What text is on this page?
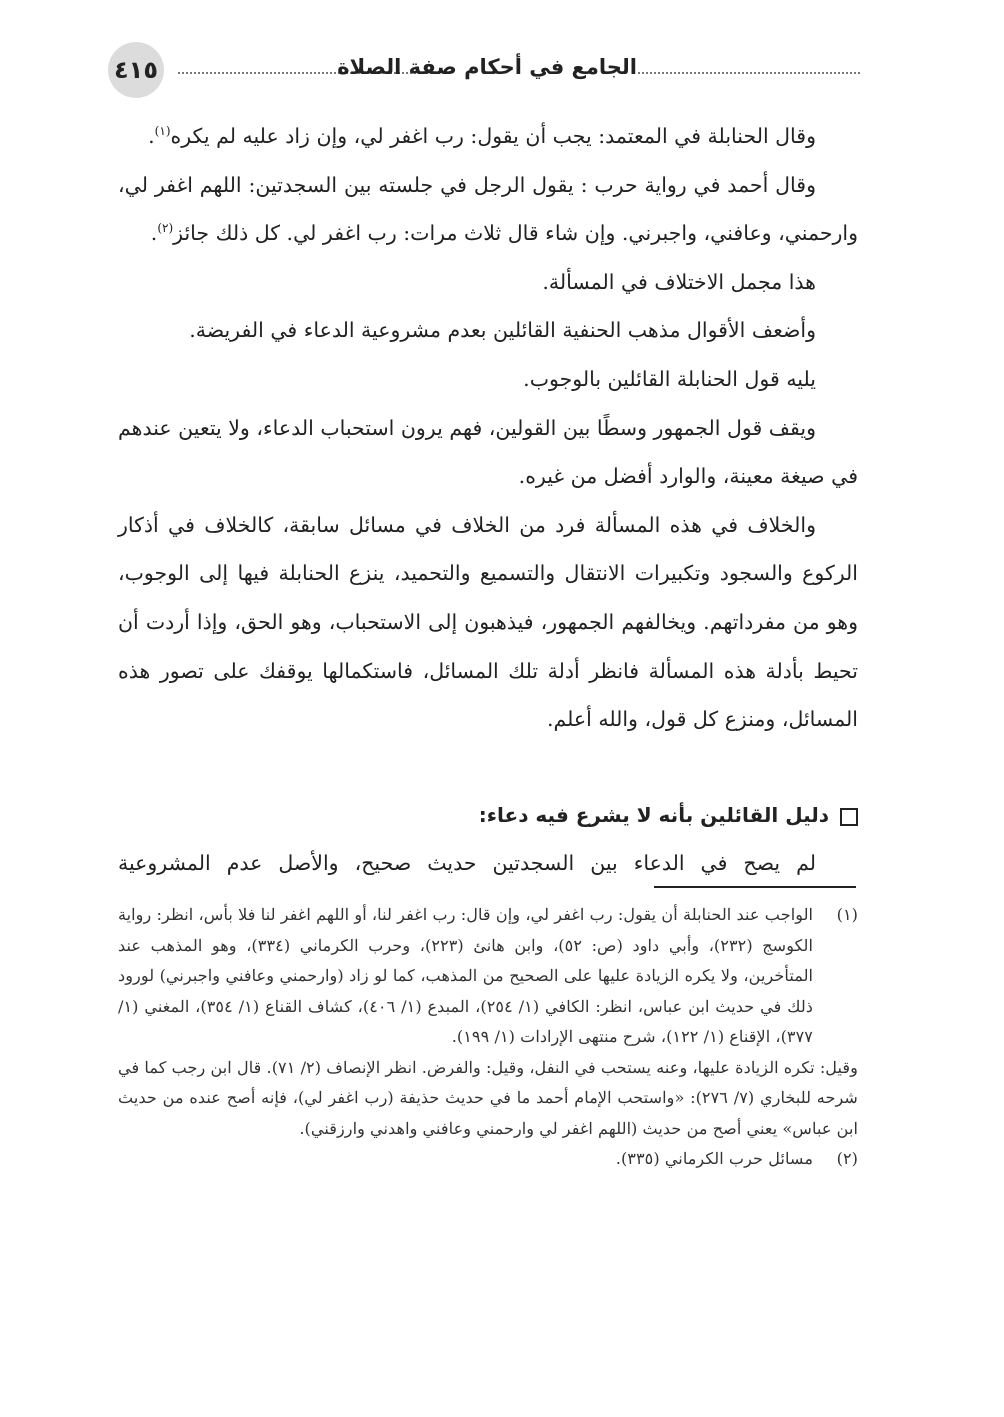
٤١٥	الجامع في أحكام صفة الصلاة

وقال الحنابلة في المعتمد: يجب أن يقول: رب اغفر لي، وإن زاد عليه لم يكره$^{(١)}$.

وقال أحمد في رواية حرب : يقول الرجل في جلسته بين السجدتين: اللهم اغفر لي، وارحمني، وعافني، واجبرني. وإن شاء قال ثلاث مرات: رب اغفر لي. كل ذلك جائز$^{(٢)}$.

هذا مجمل الاختلاف في المسألة.

وأضعف الأقوال مذهب الحنفية القائلين بعدم مشروعية الدعاء في الفريضة.

يليه قول الحنابلة القائلين بالوجوب.

ويقف قول الجمهور وسطًا بين القولين، فهم يرون استحباب الدعاء، ولا يتعين عندهم في صيغة معينة، والوارد أفضل من غيره.

والخلاف في هذه المسألة فرد من الخلاف في مسائل سابقة، كالخلاف في أذكار الركوع والسجود وتكبيرات الانتقال والتسميع والتحميد، ينزع الحنابلة فيها إلى الوجوب، وهو من مفرداتهم. ويخالفهم الجمهور، فيذهبون إلى الاستحباب، وهو الحق، وإذا أردت أن تحيط بأدلة هذه المسألة فانظر أدلة تلك المسائل، فاستكمالها يوقفك على تصور هذه المسائل، ومنزع كل قول، والله أعلم.

دليل القائلين بأنه لا يشرع فيه دعاء:
لم يصح في الدعاء بين السجدتين حديث صحيح، والأصل عدم المشروعية
(١)
الواجب عند الحنابلة أن يقول: رب اغفر لي، وإن قال: رب اغفر لنا، أو اللهم اغفر لنا فلا بأس، انظر: رواية الكوسج (٢٣٢)، وأبي داود (ص: ٥٢)، وابن هانئ (٢٢٣)، وحرب الكرماني (٣٣٤)، وهو المذهب عند المتأخرين، ولا يكره الزيادة عليها على الصحيح من المذهب، كما لو زاد (وارحمني وعافني واجبرني) لورود ذلك في حديث ابن عباس، انظر: الكافي (١/ ٢٥٤)، المبدع (١/ ٤٠٦)، كشاف القناع (١/ ٣٥٤)، المغني (١/ ٣٧٧)، الإقناع (١/ ١٢٢)، شرح منتهى الإرادات (١/ ١٩٩).
وقيل: تكره الزيادة عليها، وعنه يستحب في النفل، وقيل: والفرض. انظر الإنصاف (٢/ ٧١). قال ابن رجب كما في شرحه للبخاري (٧/ ٢٧٦): «واستحب الإمام أحمد ما في حديث حذيفة (رب اغفر لي)، فإنه أصح عنده من حديث ابن عباس» يعني أصح من حديث (اللهم اغفر لي وارحمني وعافني واهدني وارزقني).
(٢)
مسائل حرب الكرماني (٣٣٥).
